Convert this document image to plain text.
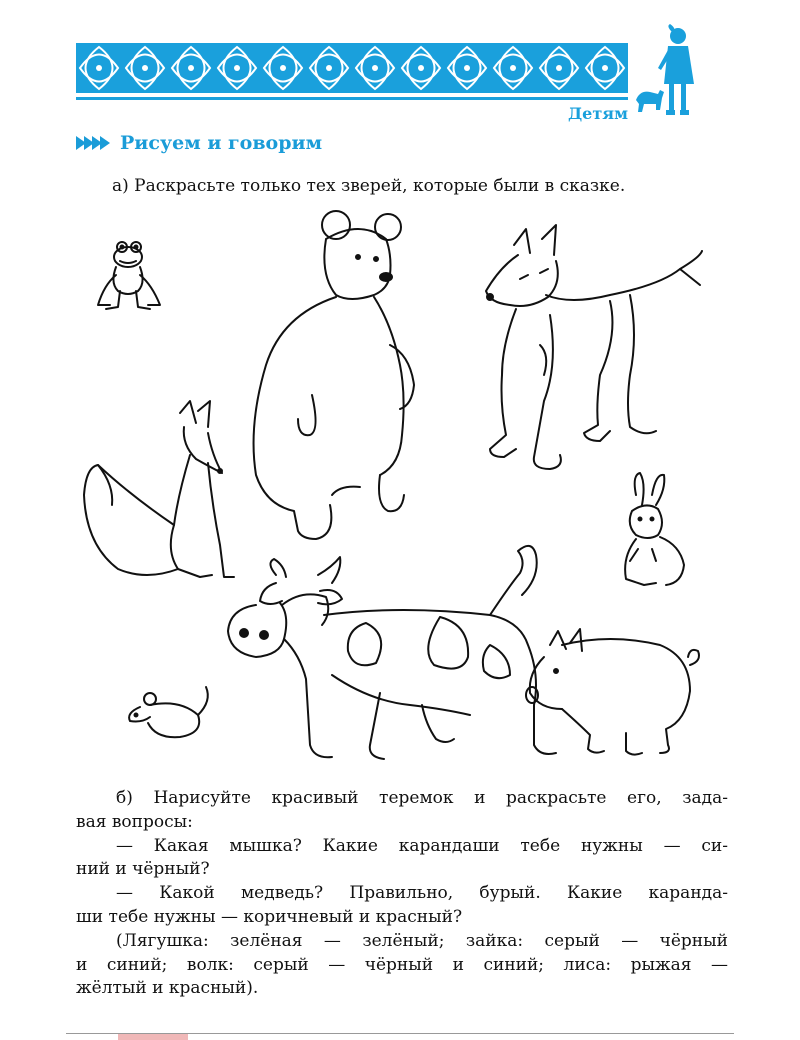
Детям
Рисуем и говорим
а) Раскрасьте только тех зверей, которые были в сказке.

б) Нарисуйте красивый теремок и раскрасьте его, зада-

вая вопросы:

— Какая мышка? Какие карандаши тебе нужны — си-

ний и чёрный?

— Какой медведь? Правильно, бурый. Какие каранда-

ши тебе нужны — коричневый и красный?

(Лягушка: зелёная — зелёный; зайка: серый — чёрный

и синий; волк: серый — чёрный и синий; лиса: рыжая —

жёлтый и красный).
